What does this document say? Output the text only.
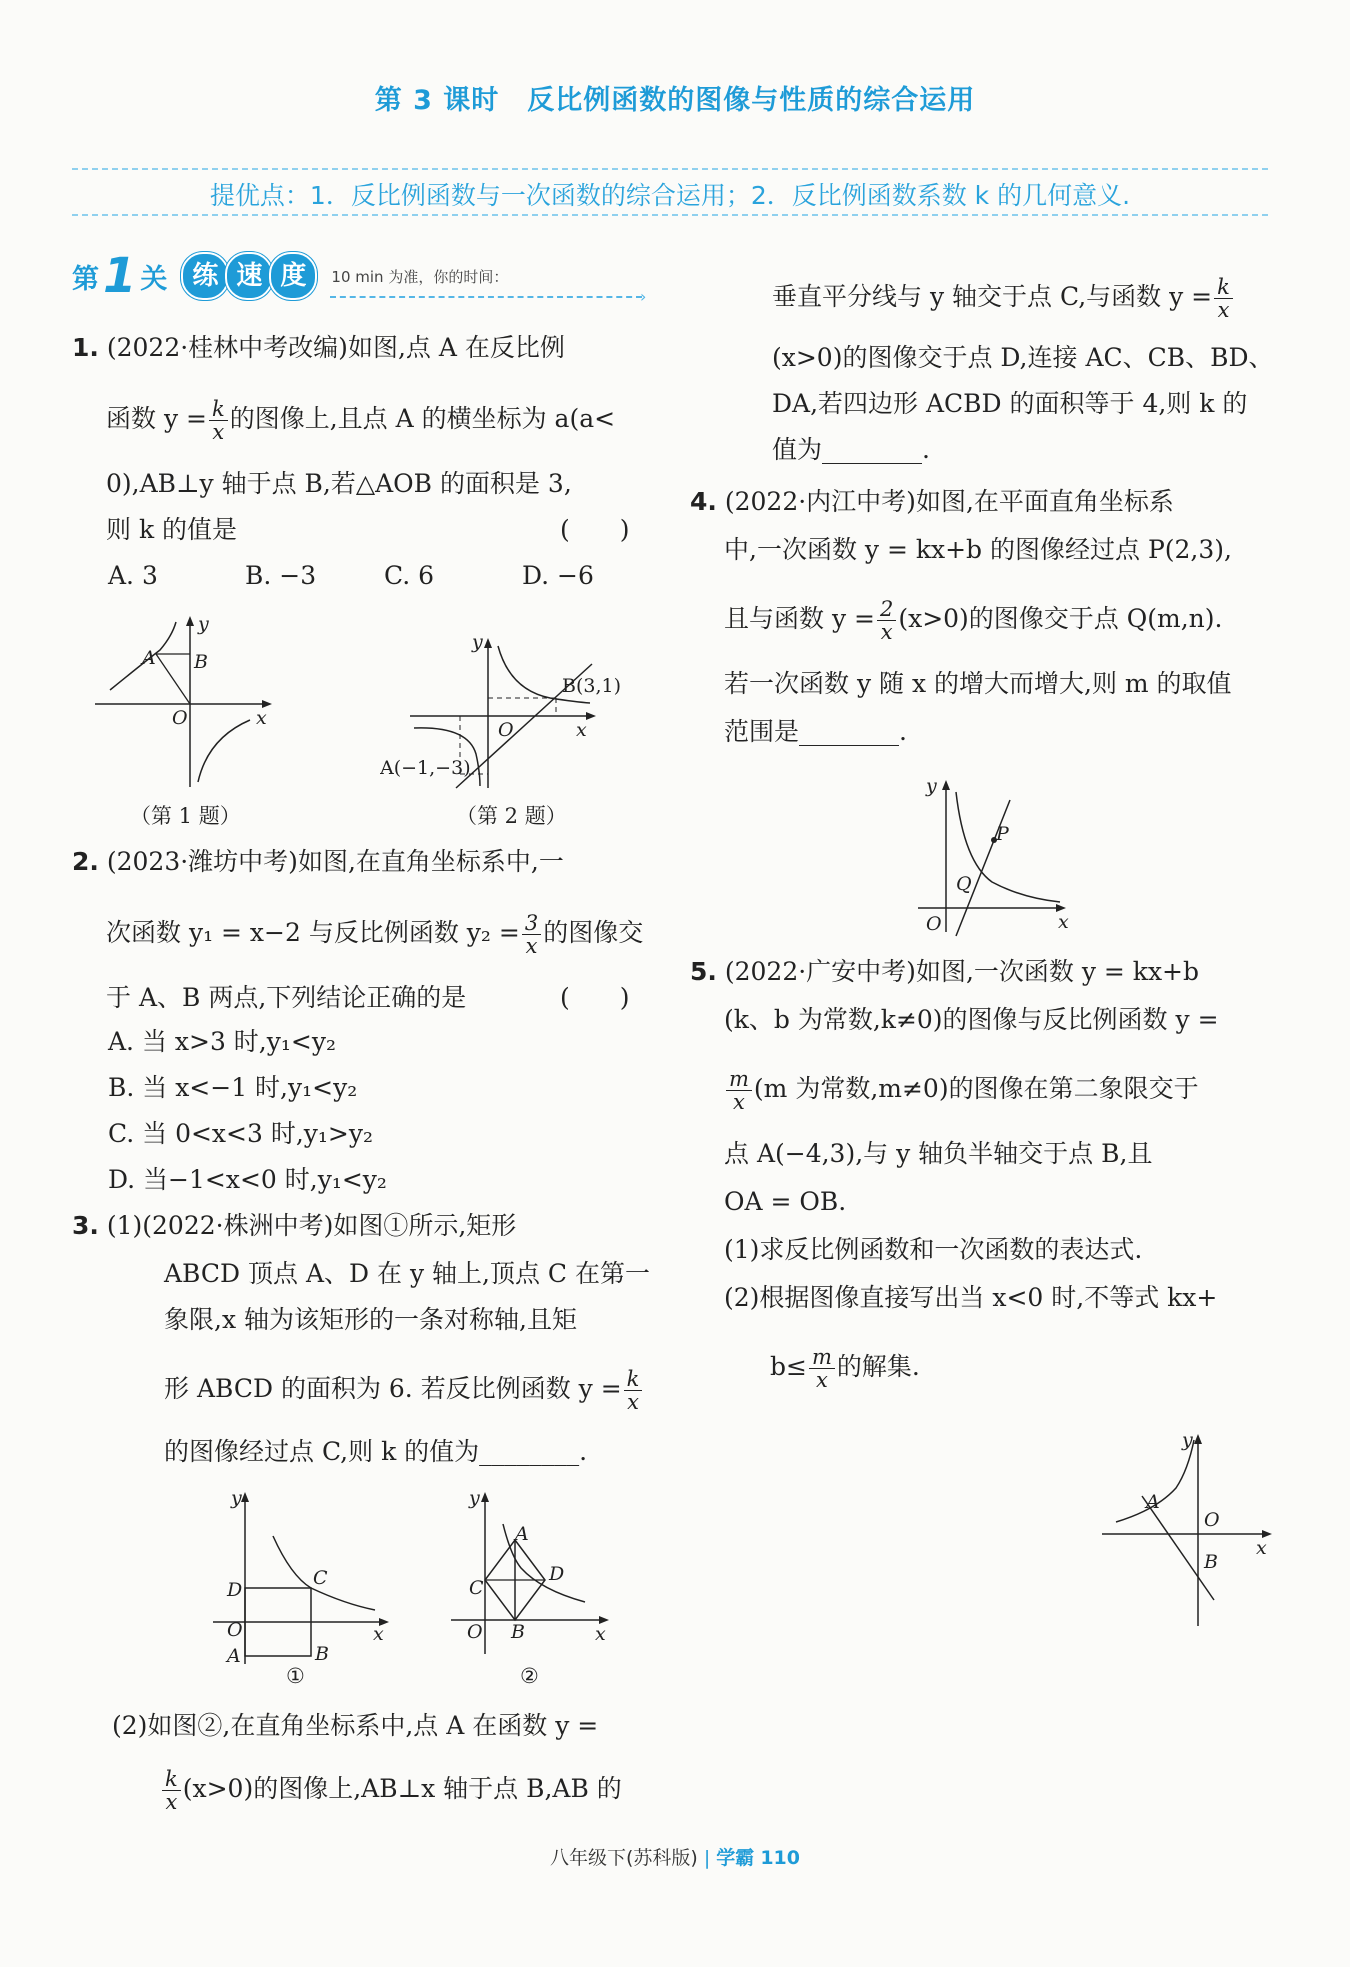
第 3 课时　反比例函数的图像与性质的综合运用
提优点：1．反比例函数与一次函数的综合运用；2．反比例函数系数 k 的几何意义.
第 1 关 练 速 度	10 min 为准，你的时间：
›
1. (2022·桂林中考改编)如图,点 A 在反比例
函数 $y = \frac{k}{x}$ 的图像上,且点 A 的横坐标为 a(a<
0),AB⊥y 轴于点 B,若△AOB 的面积是 3,
则 k 的值是	(　　)
A. 3	B. −3	C. 6	D. −6
A B
O	x
y
（第 1 题）
B(3,1)
A(−1,−3)
O	x
y
（第 2 题）
2. (2023·潍坊中考)如图,在直角坐标系中,一
次函数 y₁ = x−2 与反比例函数 $y_2 = \frac{3}{x}$ 的图像交
于 A、B 两点,下列结论正确的是	(　　)
A. 当 x>3 时,y₁<y₂
B. 当 x<−1 时,y₁<y₂
C. 当 0<x<3 时,y₁>y₂
D. 当−1<x<0 时,y₁<y₂
3. (1)(2022·株洲中考)如图①所示,矩形
ABCD 顶点 A、D 在 y 轴上,顶点 C 在第一
象限,x 轴为该矩形的一条对称轴,且矩
形 ABCD 的面积为 6. 若反比例函数 $y = \frac{k}{x}$
的图像经过点 C,则 k 的值为________.
D
C
O	x
A	B
y
①
A
D
C
O B	x
y
②
(2)如图②,在直角坐标系中,点 A 在函数 y =
$\frac{k}{x} (x>0)$的图像上,AB⊥x 轴于点 B,AB 的
垂直平分线与 y 轴交于点 C,与函数 $y = \frac{k}{x}$
(x>0)的图像交于点 D,连接 AC、CB、BD、
DA,若四边形 ACBD 的面积等于 4,则 k 的
值为________.
4. (2022·内江中考)如图,在平面直角坐标系
中,一次函数 y = kx+b 的图像经过点 P(2,3),
且与函数 $y = \frac{2}{x} (x>0)$的图像交于点 Q(m,n).
若一次函数 y 随 x 的增大而增大,则 m 的取值
范围是________.
P
Q
O	x
y
5. (2022·广安中考)如图,一次函数 y = kx+b
(k、b 为常数,k≠0)的图像与反比例函数 y =
$\frac{m}{x} (m$ 为常数,m≠0)的图像在第二象限交于
点 A(−4,3),与 y 轴负半轴交于点 B,且
OA = OB.
(1)求反比例函数和一次函数的表达式.
(2)根据图像直接写出当 x<0 时,不等式 kx+
$b\le \frac{m}{x}$ 的解集.
A
O
B
x
y
八年级下(苏科版) | 学霸 110
